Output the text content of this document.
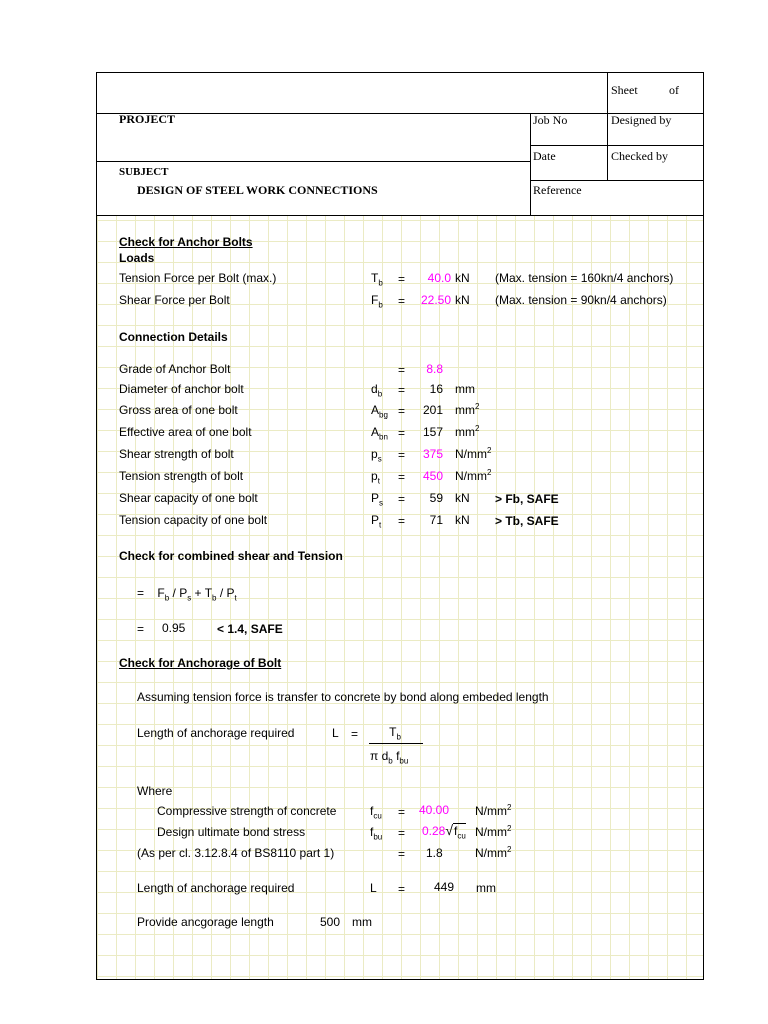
Sheet	of
PROJECT	Job No	Designed by
Date	Checked by
SUBJECT
DESIGN OF STEEL WORK CONNECTIONS	Reference
Check for Anchor Bolts
Loads
Tension Force per Bolt (max.)	$T_b$ =	40.0 kN (Max. tension = 160kn/4 anchors)
Shear Force per Bolt	$F_b$ =	22.50 kN (Max. tension = 90kn/4 anchors)
Connection Details
Grade of Anchor Bolt	=	8.8
Diameter of anchor bolt	$d_b$ =	16 mm
Gross area of one bolt	$A_{bg}$ =	201 $mm^2$
Effective area of one bolt	$A_{bn}$ =	157 $mm^2$
Shear strength of bolt	$p_s$ =	375 $N/mm^2$
Tension strength of bolt	$p_t$ =	450 $N/mm^2$
Shear capacity of one bolt	$P_s$ =	59 kN > Fb, SAFE
Tension capacity of one bolt	$P_t$ =	71 kN > Tb, SAFE
Check for combined shear and Tension
= $F_b / P_s + T_b / P_t$
= 0.95	< 1.4, SAFE
Check for Anchorage of Bolt
Assuming tension force is transfer to concrete by bond along embeded length
Length of anchorage required	L =	$T_b$
π $d_b$ $f_{bu}$
Where
Compressive strength of concrete	$f_{cu} = 40.00$ $N/mm^2$
Design ultimate bond stress	$f_{bu} = 0.28√f_{cu}$ $N/mm^2$
(As per cl. 3.12.8.4 of BS8110 part 1)	= 1.8	$N/mm^2$
Length of anchorage required	L = 449 mm
Provide ancgorage length	500 mm
